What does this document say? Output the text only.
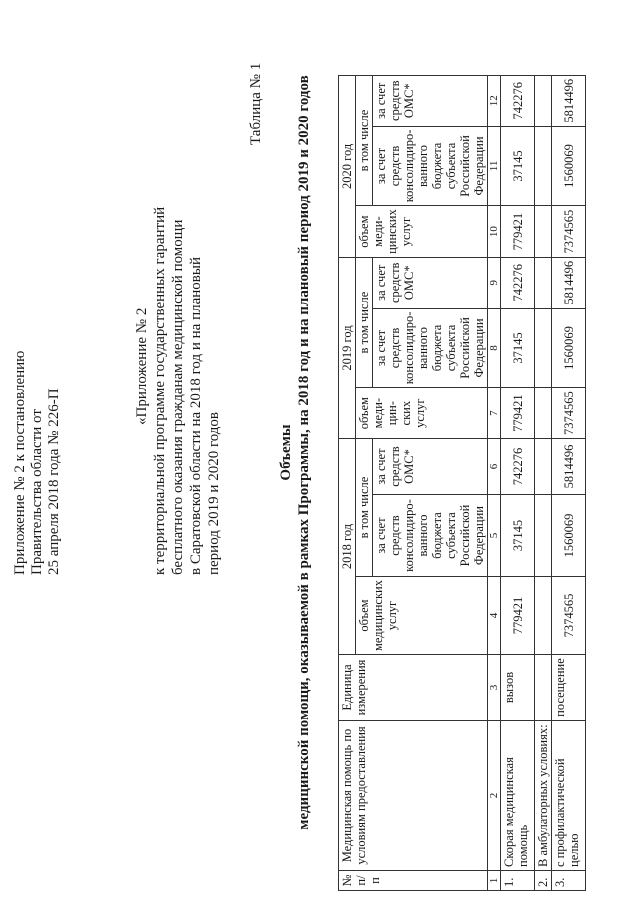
Приложение № 2 к постановлению Правительства области от 25 апреля 2018 года № 226-П
«Приложение № 2 к территориальной программе государственных гарантий бесплатного оказания гражданам медицинской помощи в Саратовской области на 2018 год и на плановый период 2019 и 2020 годов
Таблица № 1
Объемы медицинской помощи, оказываемой в рамках Программы, на 2018 год и на плановый период 2019 и 2020 годов
№ п/п	Медицинская помощь по условиям предоставления	Единица измерения	2018 год			2019 год			2020 год		
			объем медицинских услуг	в том числе		объем меди- цин- ских услуг	в том числе		объем меди- цинских услуг	в том числе	
				за счет средств консолидиро- ванного бюджета субъекта Российской Федерации	за счет средств ОМС*		за счет средств консолидиро- ванного бюджета субъекта Российской Федерации	за счет средств ОМС*		за счет средств консолидиро- ванного бюджета субъекта Российской Федерации	за счет средств ОМС*
1	2	3	4	5	6	7	8	9	10	11	12
1.	Скорая медицинская помощь	вызов	779421	37145	742276	779421	37145	742276	779421	37145	742276
2.	В амбулаторных условиях:										
3.	с профилактической целью	посещение	7374565	1560069	5814496	7374565	1560069	5814496	7374565	1560069	5814496
